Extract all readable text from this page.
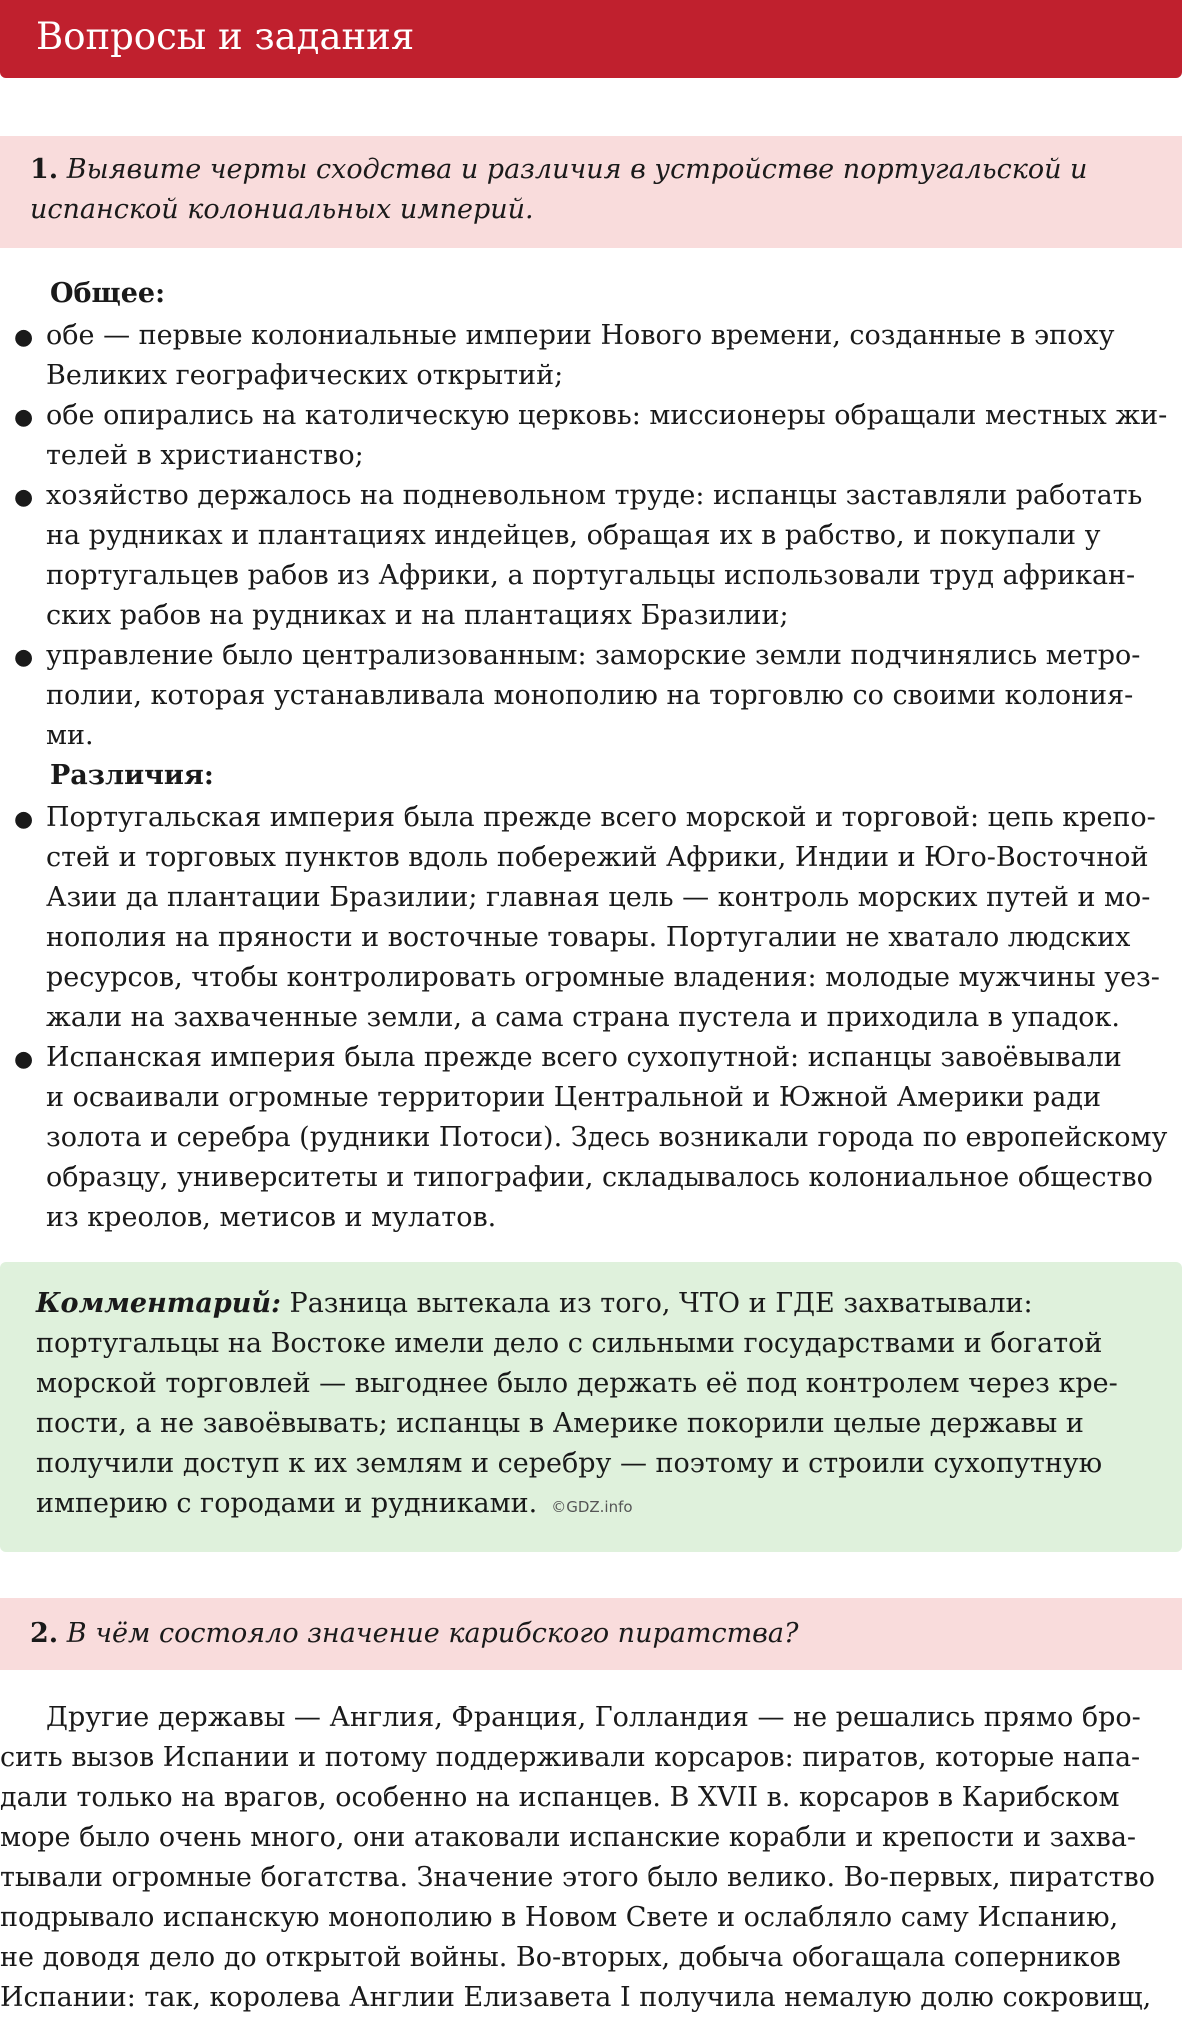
Вопросы и задания
1. Выявите черты сходства и различия в устройстве португальской и
испанской колониальных империй.
Общее:
● обе — первые колониальные империи Нового времени, созданные в эпоху
Великих географических открытий;
● обе опирались на католическую церковь: миссионеры обращали местных жи-
телей в христианство;
● хозяйство держалось на подневольном труде: испанцы заставляли работать
на рудниках и плантациях индейцев, обращая их в рабство, и покупали у
португальцев рабов из Африки, а португальцы использовали труд африкан-
ских рабов на рудниках и на плантациях Бразилии;
● управление было централизованным: заморские земли подчинялись метро-
полии, которая устанавливала монополию на торговлю со своими колония-
ми.
Различия:
● Португальская империя была прежде всего морской и торговой: цепь крепо-
стей и торговых пунктов вдоль побережий Африки, Индии и Юго-Восточной
Азии да плантации Бразилии; главная цель — контроль морских путей и мо-
нополия на пряности и восточные товары. Португалии не хватало людских
ресурсов, чтобы контролировать огромные владения: молодые мужчины уез-
жали на захваченные земли, а сама страна пустела и приходила в упадок.
● Испанская империя была прежде всего сухопутной: испанцы завоёвывали
и осваивали огромные территории Центральной и Южной Америки ради
золота и серебра (рудники Потоси). Здесь возникали города по европейскому
образцу, университеты и типографии, складывалось колониальное общество
из креолов, метисов и мулатов.
Комментарий: Разница вытекала из того, ЧТО и ГДЕ захватывали:
португальцы на Востоке имели дело с сильными государствами и богатой
морской торговлей — выгоднее было держать её под контролем через кре-
пости, а не завоёвывать; испанцы в Америке покорили целые державы и
получили доступ к их землям и серебру — поэтому и строили сухопутную
империю с городами и рудниками. ©GDZ.info
2. В чём состояло значение карибского пиратства?
Другие державы — Англия, Франция, Голландия — не решались прямо бро-
сить вызов Испании и потому поддерживали корсаров: пиратов, которые напа-
дали только на врагов, особенно на испанцев. В XVII в. корсаров в Карибском
море было очень много, они атаковали испанские корабли и крепости и захва-
тывали огромные богатства. Значение этого было велико. Во-первых, пиратство
подрывало испанскую монополию в Новом Свете и ослабляло саму Испанию,
не доводя дело до открытой войны. Во-вторых, добыча обогащала соперников
Испании: так, королева Англии Елизавета I получила немалую долю сокровищ,
